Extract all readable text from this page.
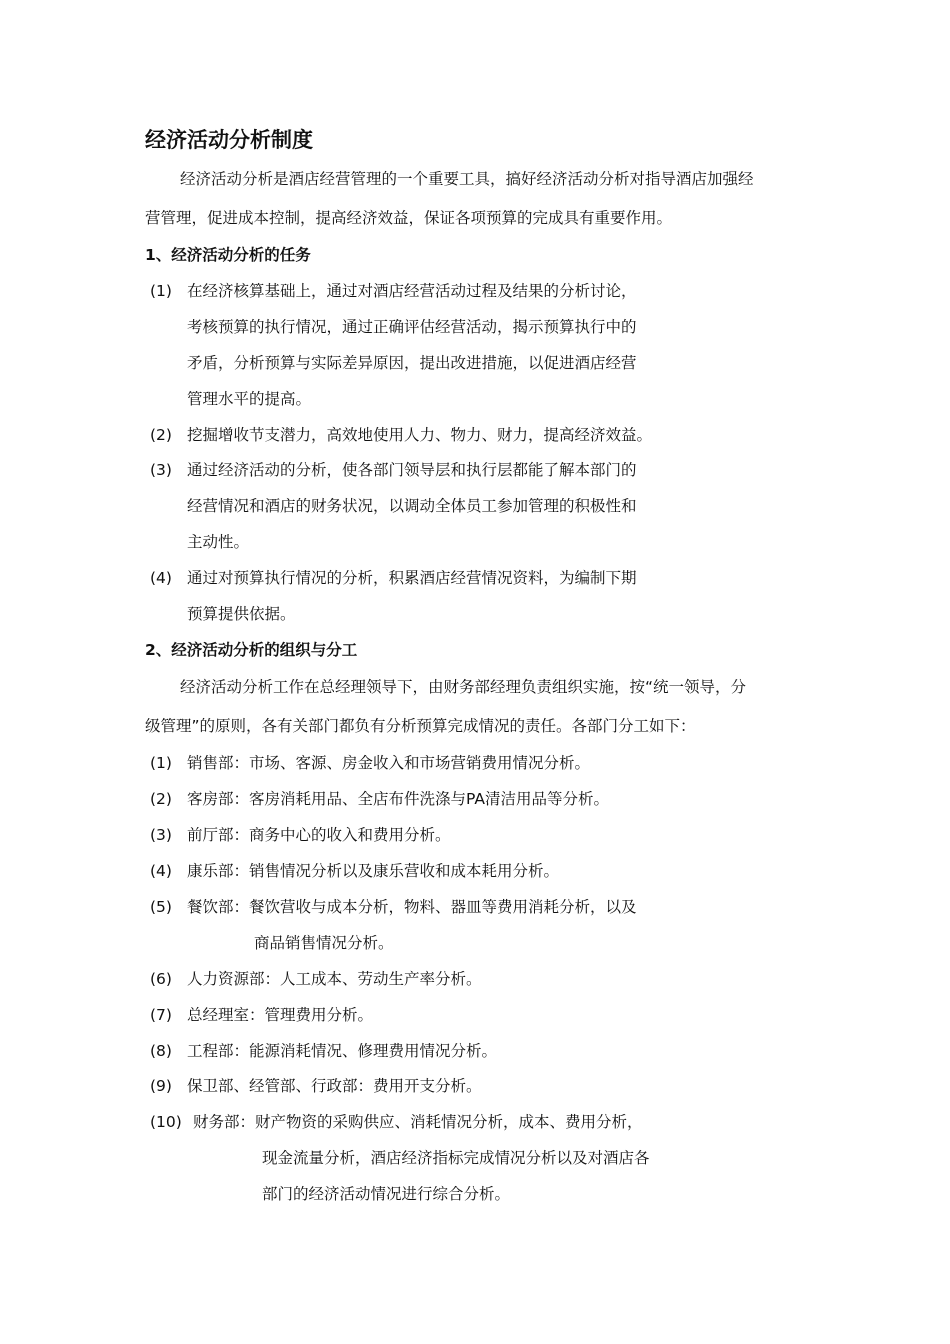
经济活动分析制度
经济活动分析是酒店经营管理的一个重要工具，搞好经济活动分析对指导酒店加强经
营管理，促进成本控制，提高经济效益，保证各项预算的完成具有重要作用。
1、经济活动分析的任务
(1) 在经济核算基础上，通过对酒店经营活动过程及结果的分析讨论，
考核预算的执行情况，通过正确评估经营活动，揭示预算执行中的
矛盾，分析预算与实际差异原因，提出改进措施，以促进酒店经营
管理水平的提高。
(2) 挖掘增收节支潜力，高效地使用人力、物力、财力，提高经济效益。
(3) 通过经济活动的分析，使各部门领导层和执行层都能了解本部门的
经营情况和酒店的财务状况，以调动全体员工参加管理的积极性和
主动性。
(4) 通过对预算执行情况的分析，积累酒店经营情况资料，为编制下期
预算提供依据。
2、经济活动分析的组织与分工
经济活动分析工作在总经理领导下，由财务部经理负责组织实施，按“统一领导，分
级管理”的原则，各有关部门都负有分析预算完成情况的责任。各部门分工如下：
(1) 销售部：市场、客源、房金收入和市场营销费用情况分析。
(2) 客房部：客房消耗用品、全店布件洗涤与PA清洁用品等分析。
(3) 前厅部：商务中心的收入和费用分析。
(4) 康乐部：销售情况分析以及康乐营收和成本耗用分析。
(5) 餐饮部：餐饮营收与成本分析，物料、器皿等费用消耗分析，以及
商品销售情况分析。
(6) 人力资源部：人工成本、劳动生产率分析。
(7) 总经理室：管理费用分析。
(8) 工程部：能源消耗情况、修理费用情况分析。
(9) 保卫部、经管部、行政部：费用开支分析。
(10) 财务部：财产物资的采购供应、消耗情况分析，成本、费用分析，
现金流量分析，酒店经济指标完成情况分析以及对酒店各
部门的经济活动情况进行综合分析。
